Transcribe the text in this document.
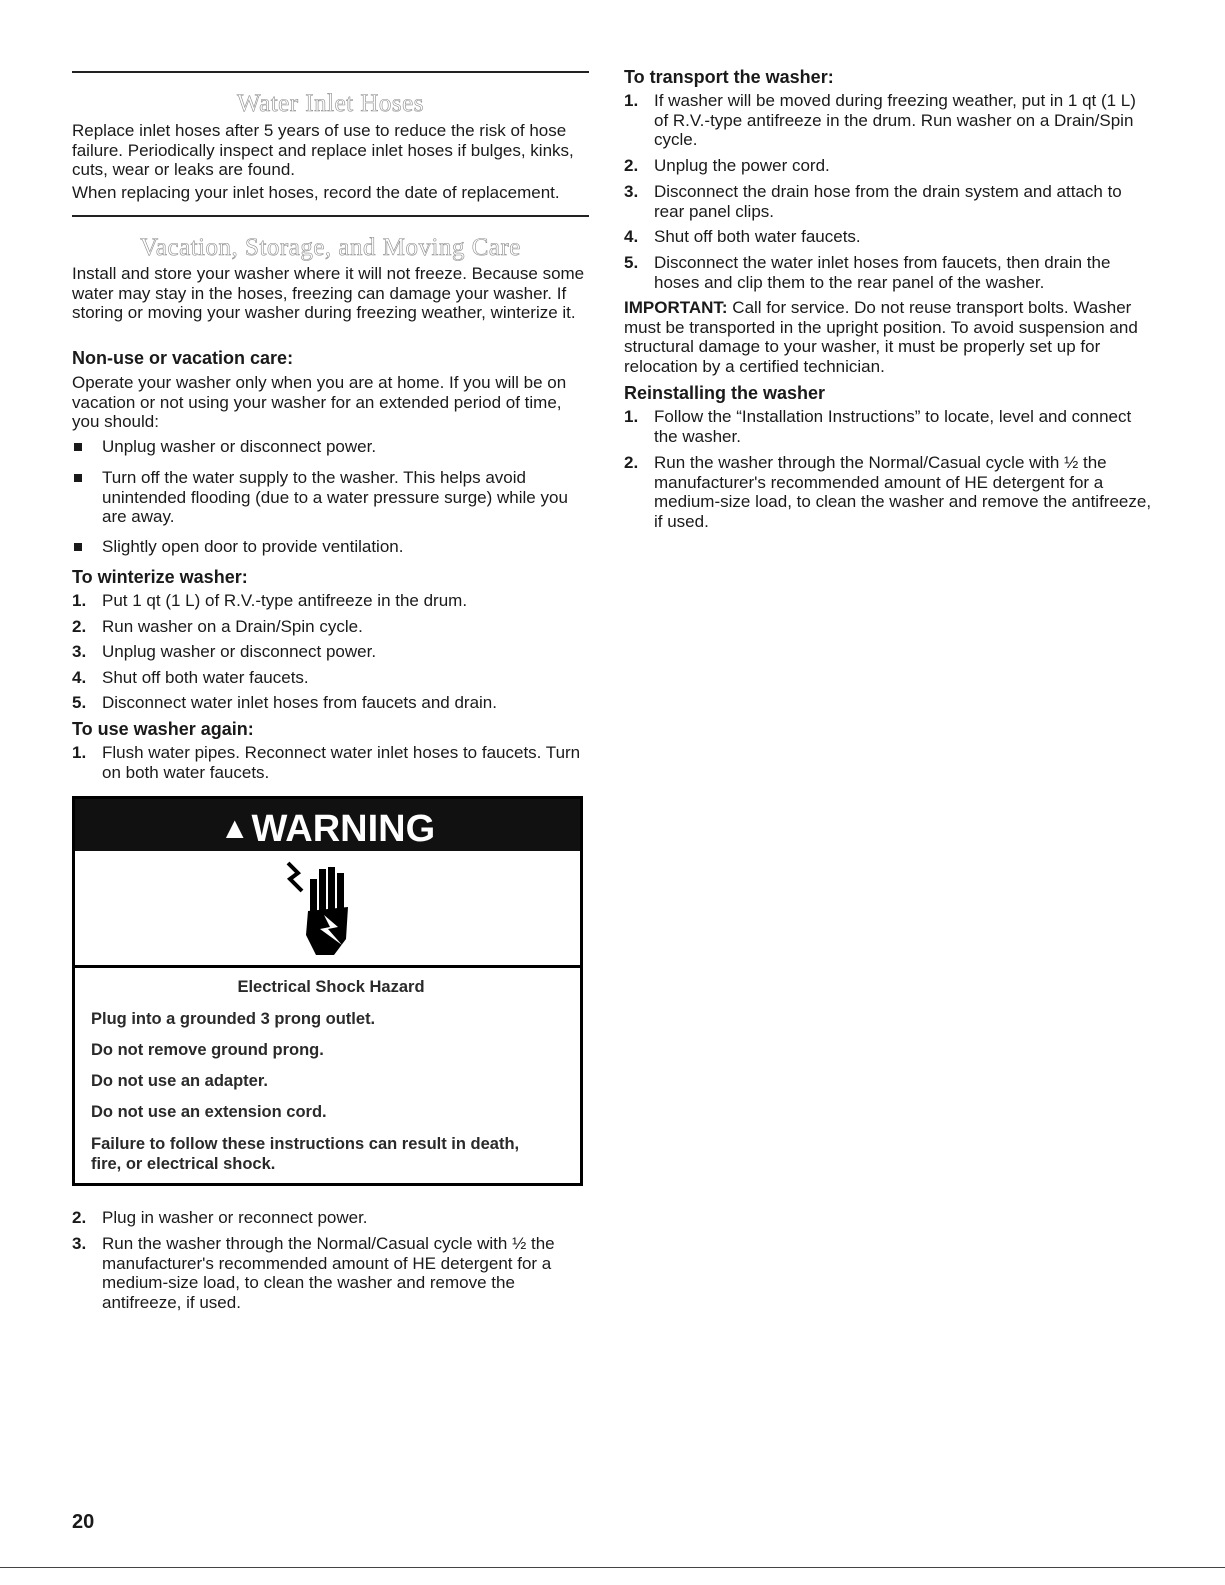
Water Inlet Hoses
Replace inlet hoses after 5 years of use to reduce the risk of hose failure. Periodically inspect and replace inlet hoses if bulges, kinks, cuts, wear or leaks are found.
When replacing your inlet hoses, record the date of replacement.
Vacation, Storage, and Moving Care
Install and store your washer where it will not freeze. Because some water may stay in the hoses, freezing can damage your washer. If storing or moving your washer during freezing weather, winterize it.
Non-use or vacation care:
Operate your washer only when you are at home. If you will be on vacation or not using your washer for an extended period of time, you should:
Unplug washer or disconnect power.
Turn off the water supply to the washer. This helps avoid unintended flooding (due to a water pressure surge) while you are away.
Slightly open door to provide ventilation.
To winterize washer:
1. Put 1 qt (1 L) of R.V.-type antifreeze in the drum.
2. Run washer on a Drain/Spin cycle.
3. Unplug washer or disconnect power.
4. Shut off both water faucets.
5. Disconnect water inlet hoses from faucets and drain.
To use washer again:
1. Flush water pipes. Reconnect water inlet hoses to faucets. Turn on both water faucets.
▲WARNING
Electrical Shock Hazard
Plug into a grounded 3 prong outlet.
Do not remove ground prong.
Do not use an adapter.
Do not use an extension cord.
Failure to follow these instructions can result in death, fire, or electrical shock.
2. Plug in washer or reconnect power.
3. Run the washer through the Normal/Casual cycle with ½ the manufacturer's recommended amount of HE detergent for a medium-size load, to clean the washer and remove the antifreeze, if used.
To transport the washer:
1. If washer will be moved during freezing weather, put in 1 qt (1 L) of R.V.-type antifreeze in the drum. Run washer on a Drain/Spin cycle.
2. Unplug the power cord.
3. Disconnect the drain hose from the drain system and attach to rear panel clips.
4. Shut off both water faucets.
5. Disconnect the water inlet hoses from faucets, then drain the hoses and clip them to the rear panel of the washer.
IMPORTANT: Call for service. Do not reuse transport bolts. Washer must be transported in the upright position. To avoid suspension and structural damage to your washer, it must be properly set up for relocation by a certified technician.
Reinstalling the washer
1. Follow the “Installation Instructions” to locate, level and connect the washer.
2. Run the washer through the Normal/Casual cycle with ½ the manufacturer's recommended amount of HE detergent for a medium-size load, to clean the washer and remove the antifreeze, if used.
20
